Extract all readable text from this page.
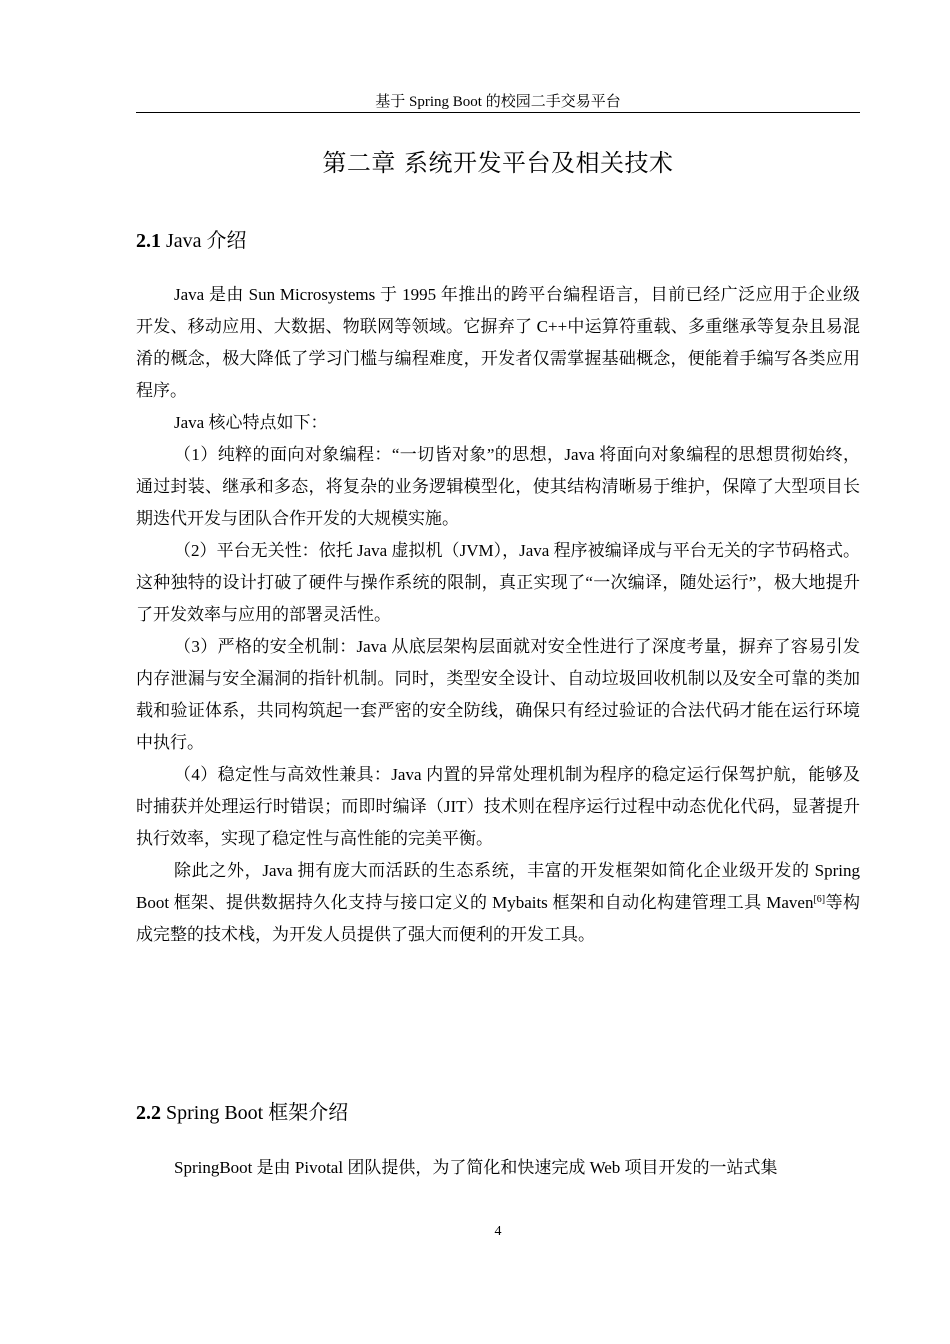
基于 Spring Boot 的校园二手交易平台
第二章 系统开发平台及相关技术
2.1 Java 介绍

Java 是由 Sun Microsystems 于 1995 年推出的跨平台编程语言，目前已经广泛应用于企业级开发、移动应用、大数据、物联网等领域。它摒弃了 C++中运算符重载、多重继承等复杂且易混淆的概念，极大降低了学习门槛与编程难度，开发者仅需掌握基础概念，便能着手编写各类应用程序。

Java 核心特点如下：

（1）纯粹的面向对象编程：“一切皆对象”的思想，Java 将面向对象编程的思想贯彻始终，通过封装、继承和多态，将复杂的业务逻辑模型化，使其结构清晰易于维护，保障了大型项目长期迭代开发与团队合作开发的大规模实施。

（2）平台无关性：依托 Java 虚拟机（JVM），Java 程序被编译成与平台无关的字节码格式。这种独特的设计打破了硬件与操作系统的限制，真正实现了“一次编译，随处运行”，极大地提升了开发效率与应用的部署灵活性。

（3）严格的安全机制：Java 从底层架构层面就对安全性进行了深度考量，摒弃了容易引发内存泄漏与安全漏洞的指针机制。同时，类型安全设计、自动垃圾回收机制以及安全可靠的类加载和验证体系，共同构筑起一套严密的安全防线，确保只有经过验证的合法代码才能在运行环境中执行。

（4）稳定性与高效性兼具：Java 内置的异常处理机制为程序的稳定运行保驾护航，能够及时捕获并处理运行时错误；而即时编译（JIT）技术则在程序运行过程中动态优化代码，显著提升执行效率，实现了稳定性与高性能的完美平衡。

除此之外，Java 拥有庞大而活跃的生态系统，丰富的开发框架如简化企业级开发的 Spring Boot 框架、提供数据持久化支持与接口定义的 Mybaits 框架和自动化构建管理工具 Maven[6]等构成完整的技术栈，为开发人员提供了强大而便利的开发工具。

2.2 Spring Boot 框架介绍

SpringBoot 是由 Pivotal 团队提供，为了简化和快速完成 Web 项目开发的一站式集

4
